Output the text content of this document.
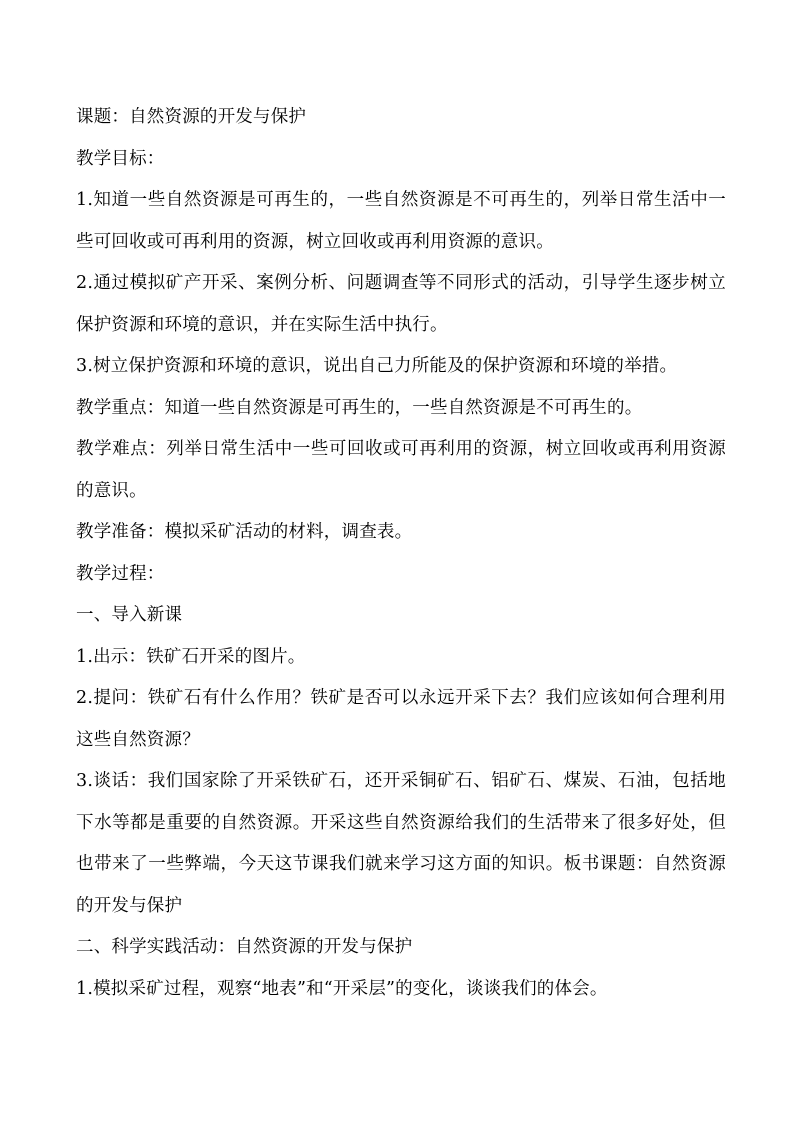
课题：自然资源的开发与保护

教学目标：

1.知道一些自然资源是可再生的，一些自然资源是不可再生的，列举日常生活中一些可回收或可再利用的资源，树立回收或再利用资源的意识。

2.通过模拟矿产开采、案例分析、问题调查等不同形式的活动，引导学生逐步树立保护资源和环境的意识，并在实际生活中执行。

3.树立保护资源和环境的意识，说出自己力所能及的保护资源和环境的举措。

教学重点：知道一些自然资源是可再生的，一些自然资源是不可再生的。

教学难点：列举日常生活中一些可回收或可再利用的资源，树立回收或再利用资源的意识。

教学准备：模拟采矿活动的材料，调查表。

教学过程：

一、导入新课

1.出示：铁矿石开采的图片。

2.提问：铁矿石有什么作用？铁矿是否可以永远开采下去？我们应该如何合理利用这些自然资源？

3.谈话：我们国家除了开采铁矿石，还开采铜矿石、铝矿石、煤炭、石油，包括地下水等都是重要的自然资源。开采这些自然资源给我们的生活带来了很多好处，但也带来了一些弊端，今天这节课我们就来学习这方面的知识。板书课题：自然资源的开发与保护

二、科学实践活动：自然资源的开发与保护

1.模拟采矿过程，观察“地表”和“开采层”的变化，谈谈我们的体会。
